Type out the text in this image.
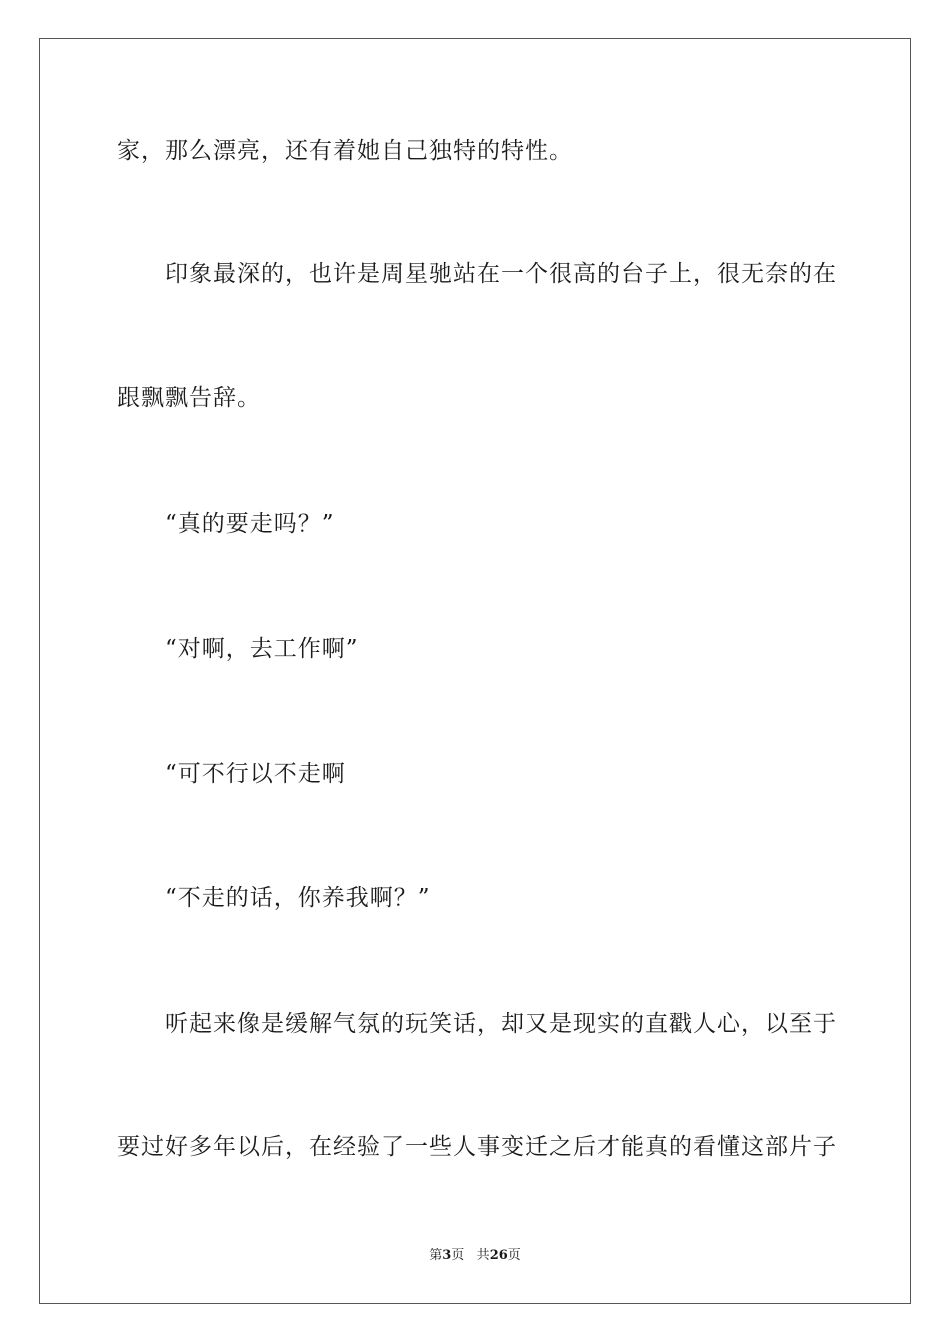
家，那么漂亮，还有着她自己独特的特性。
印象最深的，也许是周星驰站在一个很高的台子上，很无奈的在
跟飘飘告辞。
“真的要走吗？”
“对啊，去工作啊”
“可不行以不走啊
“不走的话，你养我啊？”
听起来像是缓解气氛的玩笑话，却又是现实的直戳人心，以至于
要过好多年以后，在经验了一些人事变迁之后才能真的看懂这部片子
第3页 共26页
